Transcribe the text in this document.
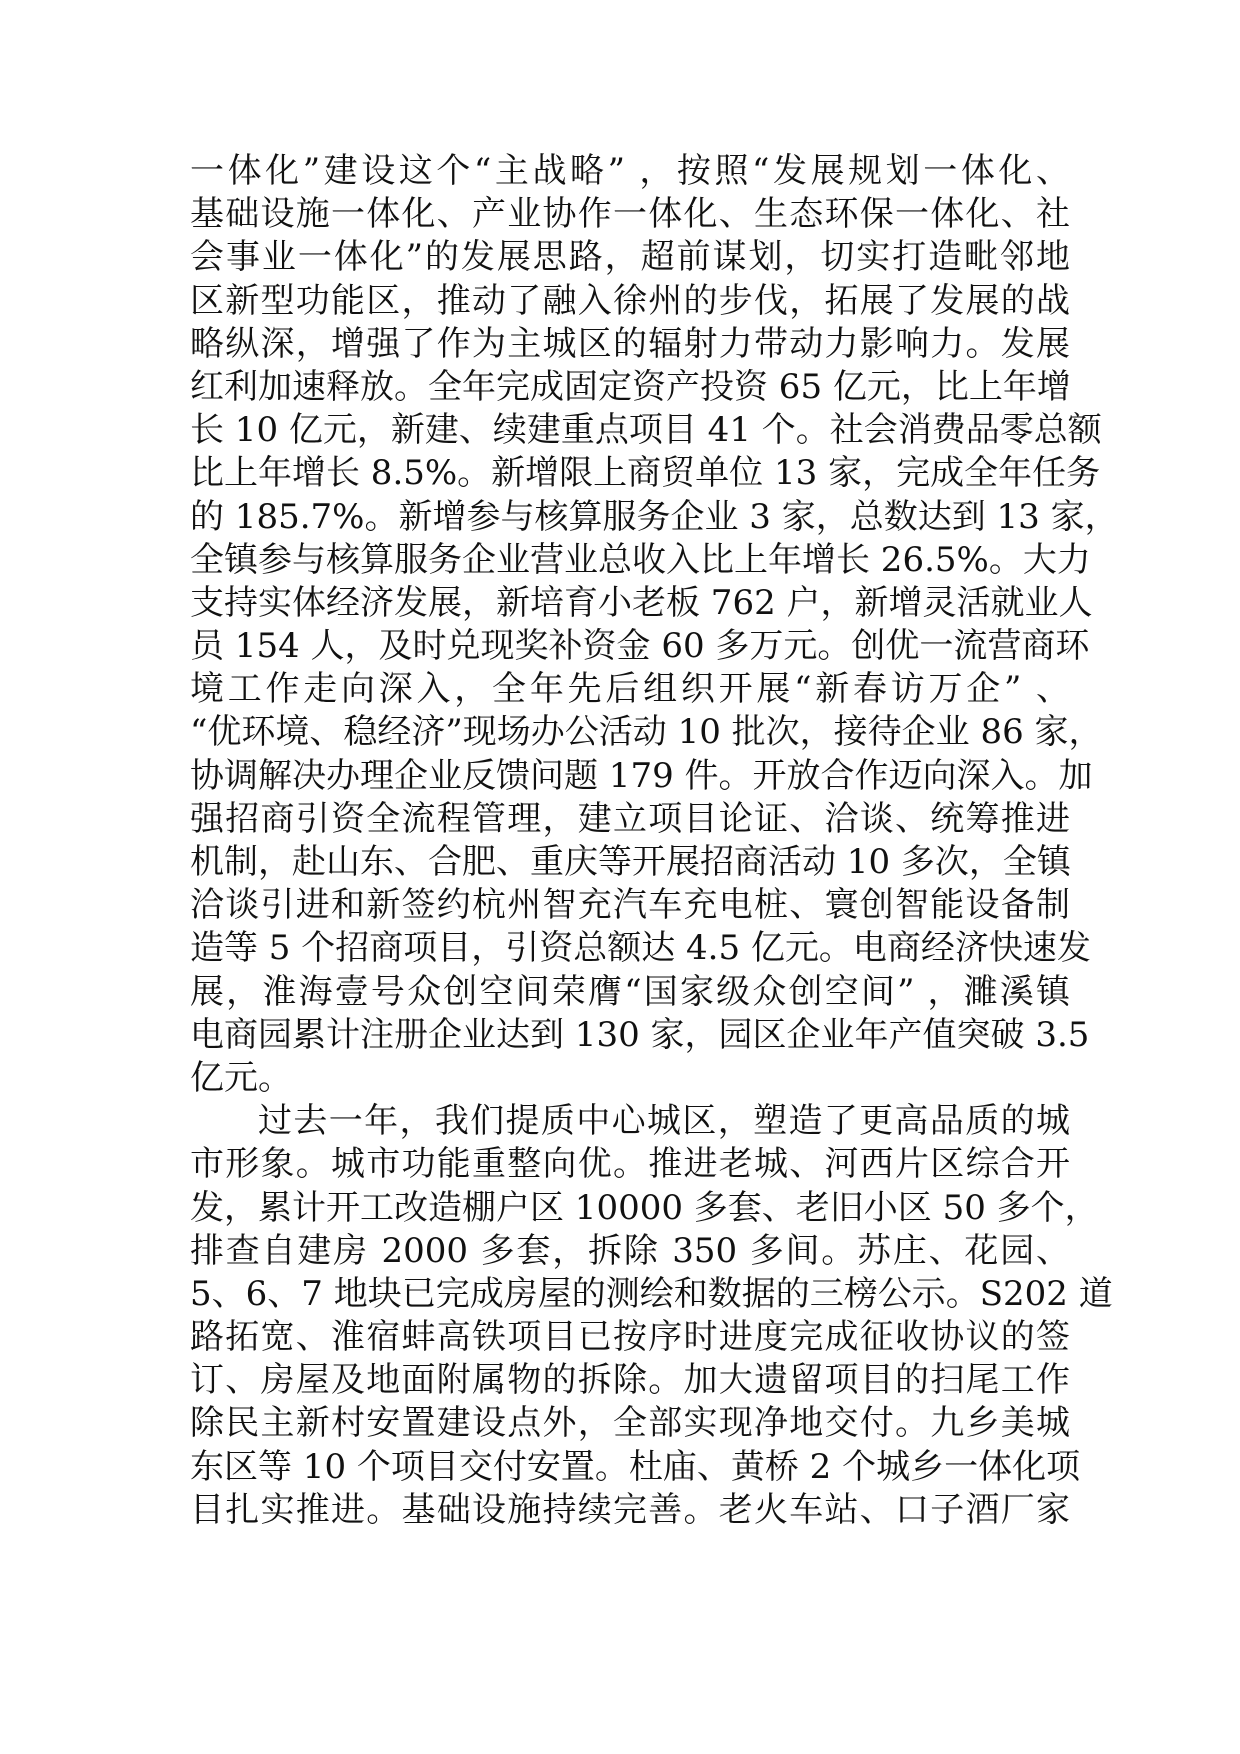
一体化”建设这个“主战略” ，按照“发展规划一体化、
基础设施一体化、产业协作一体化、生态环保一体化、社
会事业一体化”的发展思路，超前谋划，切实打造毗邻地
区新型功能区，推动了融入徐州的步伐，拓展了发展的战
略纵深，增强了作为主城区的辐射力带动力影响力。发展
红利加速释放。全年完成固定资产投资 65 亿元，比上年增
长 10 亿元，新建、续建重点项目 41 个。社会消费品零总额
比上年增长 8.5%。新增限上商贸单位 13 家，完成全年任务
的 185.7%。新增参与核算服务企业 3 家，总数达到 13 家，
全镇参与核算服务企业营业总收入比上年增长 26.5%。大力
支持实体经济发展，新培育小老板 762 户，新增灵活就业人
员 154 人，及时兑现奖补资金 60 多万元。创优一流营商环
境工作走向深入，全年先后组织开展“新春访万企” 、
“优环境、稳经济”现场办公活动 10 批次，接待企业 86 家，
协调解决办理企业反馈问题 179 件。开放合作迈向深入。加
强招商引资全流程管理，建立项目论证、洽谈、统筹推进
机制，赴山东、合肥、重庆等开展招商活动 10 多次，全镇
洽谈引进和新签约杭州智充汽车充电桩、寰创智能设备制
造等 5 个招商项目，引资总额达 4.5 亿元。电商经济快速发
展，淮海壹号众创空间荣膺“国家级众创空间” ，濉溪镇
电商园累计注册企业达到 130 家，园区企业年产值突破 3.5
亿元。
过去一年，我们提质中心城区，塑造了更高品质的城
市形象。城市功能重整向优。推进老城、河西片区综合开
发，累计开工改造棚户区 10000 多套、老旧小区 50 多个，
排查自建房 2000 多套，拆除 350 多间。苏庄、花园、
5、6、7 地块已完成房屋的测绘和数据的三榜公示。S202 道
路拓宽、淮宿蚌高铁项目已按序时进度完成征收协议的签
订、房屋及地面附属物的拆除。加大遗留项目的扫尾工作
除民主新村安置建设点外，全部实现净地交付。九乡美城
东区等 10 个项目交付安置。杜庙、黄桥 2 个城乡一体化项
目扎实推进。基础设施持续完善。老火车站、口子酒厂家
